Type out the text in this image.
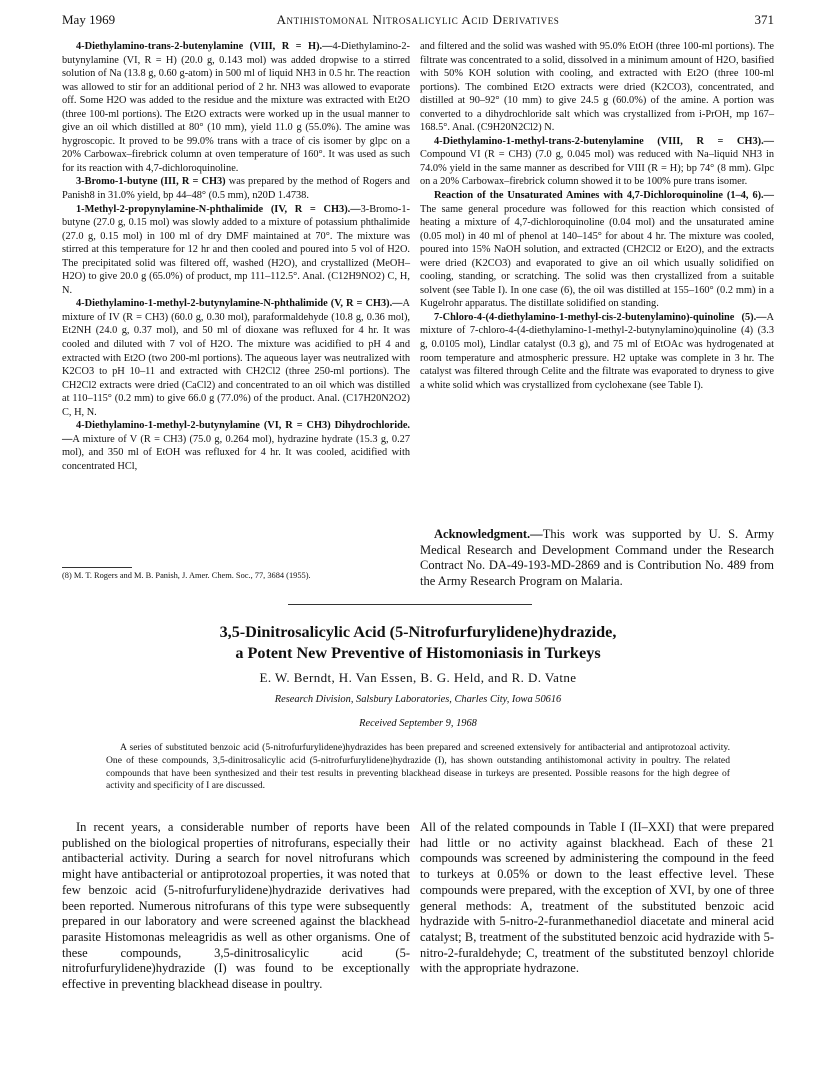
May 1969	Antihistomonal Nitrosalicylic Acid Derivatives	371

4-Diethylamino-trans-2-butenylamine (VIII, R = H).—4-Diethylamino-2-butynylamine (VI, R = H) (20.0 g, 0.143 mol) was added dropwise to a stirred solution of Na (13.8 g, 0.60 g-atom) in 500 ml of liquid NH3 in 0.5 hr. The reaction was allowed to stir for an additional period of 2 hr. NH3 was allowed to evaporate off. Some H2O was added to the residue and the mixture was extracted with Et2O (three 100-ml portions). The Et2O extracts were worked up in the usual manner to give an oil which distilled at 80° (10 mm), yield 11.0 g (55.0%). The amine was hygroscopic. It proved to be 99.0% trans with a trace of cis isomer by glpc on a 20% Carbowax–firebrick column at oven temperature of 160°. It was used as such for its reaction with 4,7-dichloroquinoline.

3-Bromo-1-butyne (III, R = CH3) was prepared by the method of Rogers and Panish8 in 31.0% yield, bp 44–48° (0.5 mm), n20D 1.4738.

1-Methyl-2-propynylamine-N-phthalimide (IV, R = CH3).—3-Bromo-1-butyne (27.0 g, 0.15 mol) was slowly added to a mixture of potassium phthalimide (27.0 g, 0.15 mol) in 100 ml of dry DMF maintained at 70°. The mixture was stirred at this temperature for 12 hr and then cooled and poured into 5 vol of H2O. The precipitated solid was filtered off, washed (H2O), and crystallized (MeOH–H2O) to give 20.0 g (65.0%) of product, mp 111–112.5°. Anal. (C12H9NO2) C, H, N.

4-Diethylamino-1-methyl-2-butynylamine-N-phthalimide (V, R = CH3).—A mixture of IV (R = CH3) (60.0 g, 0.30 mol), paraformaldehyde (10.8 g, 0.36 mol), Et2NH (24.0 g, 0.37 mol), and 50 ml of dioxane was refluxed for 4 hr. It was cooled and diluted with 7 vol of H2O. The mixture was acidified to pH 4 and extracted with Et2O (two 200-ml portions). The aqueous layer was neutralized with K2CO3 to pH 10–11 and extracted with CH2Cl2 (three 250-ml portions). The CH2Cl2 extracts were dried (CaCl2) and concentrated to an oil which was distilled at 110–115° (0.2 mm) to give 66.0 g (77.0%) of the product. Anal. (C17H20N2O2) C, H, N.

4-Diethylamino-1-methyl-2-butynylamine (VI, R = CH3) Dihydrochloride.—A mixture of V (R = CH3) (75.0 g, 0.264 mol), hydrazine hydrate (15.3 g, 0.27 mol), and 350 ml of EtOH was refluxed for 4 hr. It was cooled, acidified with concentrated HCl,

(8) M. T. Rogers and M. B. Panish, J. Amer. Chem. Soc., 77, 3684 (1955).

and filtered and the solid was washed with 95.0% EtOH (three 100-ml portions). The filtrate was concentrated to a solid, dissolved in a minimum amount of H2O, basified with 50% KOH solution with cooling, and extracted with Et2O (three 100-ml portions). The combined Et2O extracts were dried (K2CO3), concentrated, and distilled at 90–92° (10 mm) to give 24.5 g (60.0%) of the amine. A portion was converted to a dihydrochloride salt which was crystallized from i-PrOH, mp 167–168.5°. Anal. (C9H20N2Cl2) N.

4-Diethylamino-1-methyl-trans-2-butenylamine (VIII, R = CH3).—Compound VI (R = CH3) (7.0 g, 0.045 mol) was reduced with Na–liquid NH3 in 74.0% yield in the same manner as described for VIII (R = H); bp 74° (8 mm). Glpc on a 20% Carbowax–firebrick column showed it to be 100% pure trans isomer.

Reaction of the Unsaturated Amines with 4,7-Dichloroquinoline (1–4, 6).—The same general procedure was followed for this reaction which consisted of heating a mixture of 4,7-dichloroquinoline (0.04 mol) and the unsaturated amine (0.05 mol) in 40 ml of phenol at 140–145° for about 4 hr. The mixture was cooled, poured into 15% NaOH solution, and extracted (CH2Cl2 or Et2O), and the extracts were dried (K2CO3) and evaporated to give an oil which usually solidified on cooling, standing, or scratching. The solid was then crystallized from a suitable solvent (see Table I). In one case (6), the oil was distilled at 155–160° (0.2 mm) in a Kugelrohr apparatus. The distillate solidified on standing.

7-Chloro-4-(4-diethylamino-1-methyl-cis-2-butenylamino)-quinoline (5).—A mixture of 7-chloro-4-(4-diethylamino-1-methyl-2-butynylamino)quinoline (4) (3.3 g, 0.0105 mol), Lindlar catalyst (0.3 g), and 75 ml of EtOAc was hydrogenated at room temperature and atmospheric pressure. H2 uptake was complete in 3 hr. The catalyst was filtered through Celite and the filtrate was evaporated to dryness to give a white solid which was crystallized from cyclohexane (see Table I).

Acknowledgment.—This work was supported by U. S. Army Medical Research and Development Command under the Research Contract No. DA-49-193-MD-2869 and is Contribution No. 489 from the Army Research Program on Malaria.
3,5-Dinitrosalicylic Acid (5-Nitrofurfurylidene)hydrazide,
a Potent New Preventive of Histomoniasis in Turkeys
E. W. Berndt, H. Van Essen, B. G. Held, and R. D. Vatne
Research Division, Salsbury Laboratories, Charles City, Iowa 50616
Received September 9, 1968
A series of substituted benzoic acid (5-nitrofurfurylidene)hydrazides has been prepared and screened extensively for antibacterial and antiprotozoal activity. One of these compounds, 3,5-dinitrosalicylic acid (5-nitrofurfurylidene)hydrazide (I), has shown outstanding antihistomonal activity in poultry. The related compounds that have been synthesized and their test results in preventing blackhead disease in turkeys are presented. Possible reasons for the high degree of activity and specificity of I are discussed.
In recent years, a considerable number of reports have been published on the biological properties of nitrofurans, especially their antibacterial activity. During a search for novel nitrofurans which might have antibacterial or antiprotozoal properties, it was noted that few benzoic acid (5-nitrofurfurylidene)hydrazide derivatives had been reported. Numerous nitrofurans of this type were subsequently prepared in our laboratory and were screened against the blackhead parasite Histomonas meleagridis as well as other organisms. One of these compounds, 3,5-dinitrosalicylic acid (5-nitrofurfurylidene)hydrazide (I) was found to be exceptionally effective in preventing blackhead disease in poultry.
All of the related compounds in Table I (II–XXI) that were prepared had little or no activity against blackhead. Each of these 21 compounds was screened by administering the compound in the feed to turkeys at 0.05% or down to the least effective level. These compounds were prepared, with the exception of XVI, by one of three general methods: A, treatment of the substituted benzoic acid hydrazide with 5-nitro-2-furanmethanediol diacetate and mineral acid catalyst; B, treatment of the substituted benzoic acid hydrazide with 5-nitro-2-furaldehyde; C, treatment of the substituted benzoyl chloride with the appropriate hydrazone.
